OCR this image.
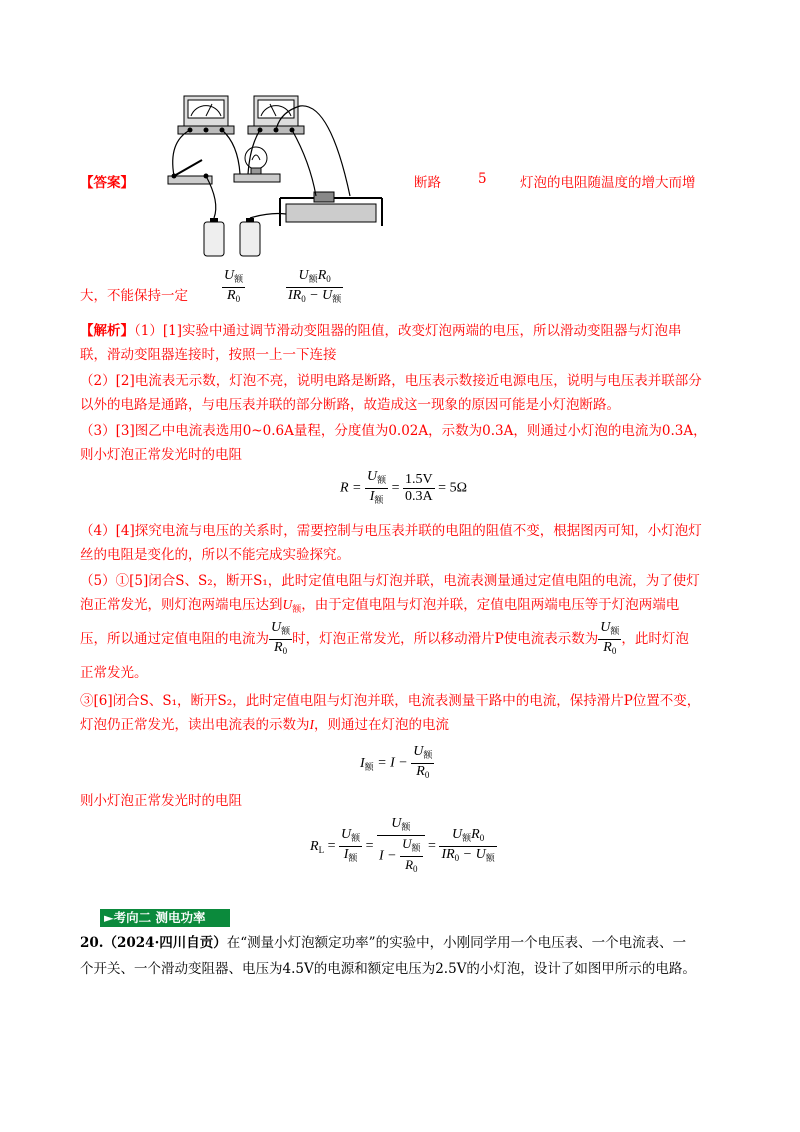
【答案】	断路	5 灯泡的电阻随温度的增大而增
大，不能保持一定 $\frac{U_额}{R_0}$	$\frac{U_额R_0}{IR_0 - U_额}$
【解析】（1）[1]实验中通过调节滑动变阻器的阻值，改变灯泡两端的电压，所以滑动变阻器与灯泡串
联，滑动变阻器连接时，按照一上一下连接
（2）[2]电流表无示数，灯泡不亮，说明电路是断路，电压表示数接近电源电压，说明与电压表并联部分
以外的电路是通路，与电压表并联的部分断路，故造成这一现象的原因可能是小灯泡断路。
（3）[3]图乙中电流表选用0~0.6A量程，分度值为0.02A，示数为0.3A，则通过小灯泡的电流为0.3A，
则小灯泡正常发光时的电阻
$R = \frac{U_额}{I_额} = \frac{1.5V}{0.3A} = 5\Omega$
（4）[4]探究电流与电压的关系时，需要控制与电压表并联的电阻的阻值不变，根据图丙可知，小灯泡灯
丝的电阻是变化的，所以不能完成实验探究。
（5）①[5]闭合S、S₂，断开S₁，此时定值电阻与灯泡并联，电流表测量通过定值电阻的电流，为了使灯
泡正常发光，则灯泡两端电压达到$U_额$，由于定值电阻与灯泡并联，定值电阻两端电压等于灯泡两端电
压，所以通过定值电阻的电流为 $\frac{U_额}{R_0}$ 时，灯泡正常发光，所以移动滑片P使电流表示数为 $\frac{U_额}{R_0}$ ，此时灯泡
正常发光。
③[6]闭合S、S₁，断开S₂，此时定值电阻与灯泡并联，电流表测量干路中的电流，保持滑片P位置不变，
灯泡仍正常发光，读出电流表的示数为I，则通过在灯泡的电流
$I_额 = I - \frac{U_额}{R_0}$
则小灯泡正常发光时的电阻
$R_L = \frac{U_额}{I_额} = \frac{U_额}{I - \frac{U_额}{R_0}} = \frac{U_额R_0}{IR_0 - U_额}$
►考向二 测电功率
20.（2024·四川自贡）在“测量小灯泡额定功率”的实验中，小刚同学用一个电压表、一个电流表、一
个开关、一个滑动变阻器、电压为4.5V的电源和额定电压为2.5V的小灯泡，设计了如图甲所示的电路。
